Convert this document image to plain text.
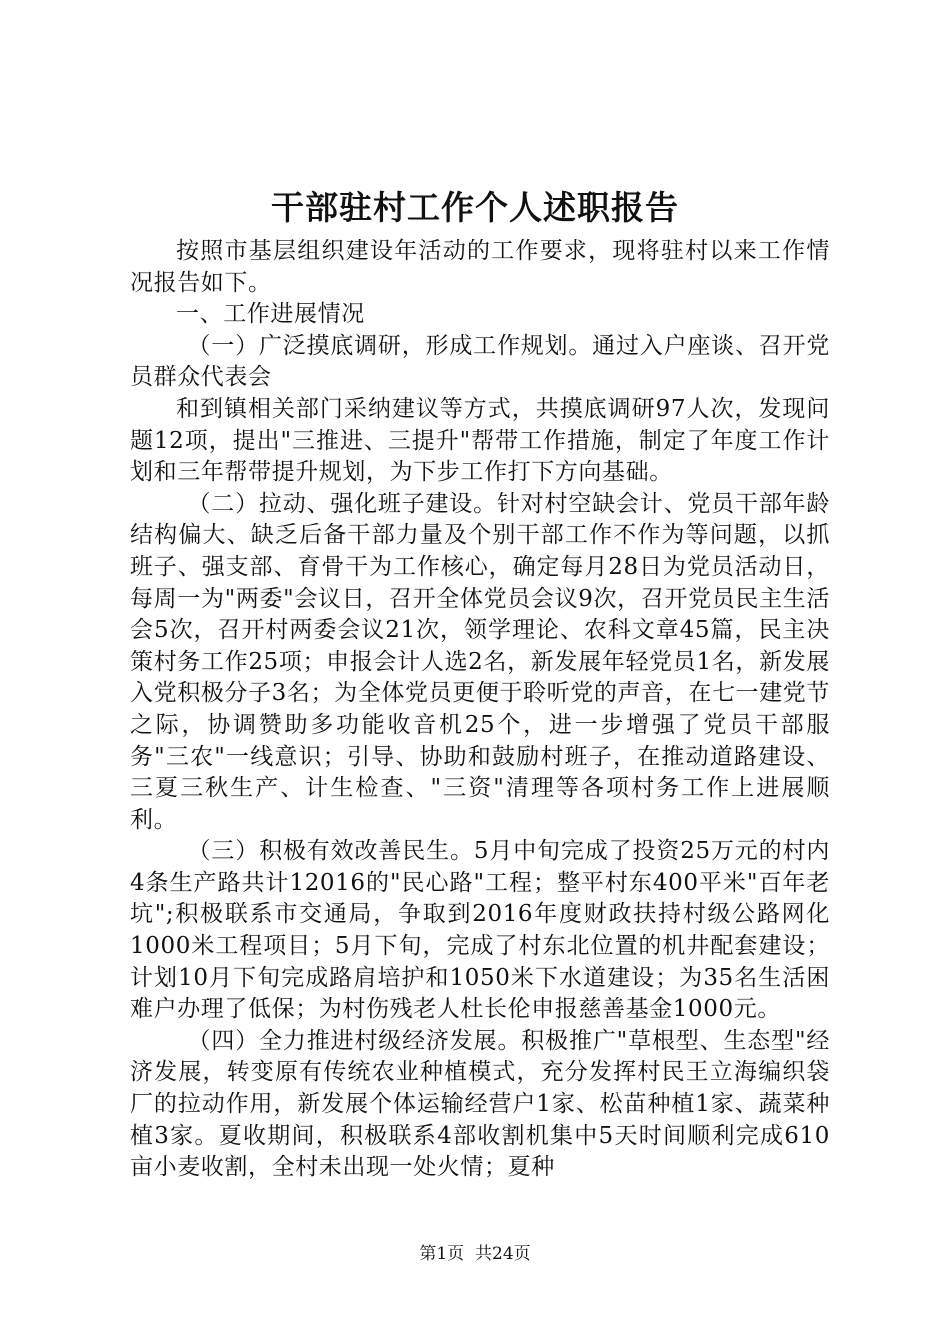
干部驻村工作个人述职报告

按照市基层组织建设年活动的工作要求，现将驻村以来工作情况报告如下。

一、工作进展情况

（一）广泛摸底调研，形成工作规划。通过入户座谈、召开党员群众代表会

和到镇相关部门采纳建议等方式，共摸底调研97人次，发现问题12项，提出"三推进、三提升"帮带工作措施，制定了年度工作计划和三年帮带提升规划，为下步工作打下方向基础。

（二）拉动、强化班子建设。针对村空缺会计、党员干部年龄结构偏大、缺乏后备干部力量及个别干部工作不作为等问题，以抓班子、强支部、育骨干为工作核心，确定每月28日为党员活动日，每周一为"两委"会议日，召开全体党员会议9次，召开党员民主生活会5次，召开村两委会议21次，领学理论、农科文章45篇，民主决策村务工作25项；申报会计人选2名，新发展年轻党员1名，新发展入党积极分子3名；为全体党员更便于聆听党的声音，在七一建党节之际，协调赞助多功能收音机25个，进一步增强了党员干部服务"三农"一线意识；引导、协助和鼓励村班子，在推动道路建设、三夏三秋生产、计生检查、"三资"清理等各项村务工作上进展顺利。

（三）积极有效改善民生。5月中旬完成了投资25万元的村内4条生产路共计12016的"民心路"工程；整平村东400平米"百年老坑";积极联系市交通局，争取到2016年度财政扶持村级公路网化1000米工程项目；5月下旬，完成了村东北位置的机井配套建设；计划10月下旬完成路肩培护和1050米下水道建设；为35名生活困难户办理了低保；为村伤残老人杜长伦申报慈善基金1000元。

（四）全力推进村级经济发展。积极推广"草根型、生态型"经济发展，转变原有传统农业种植模式，充分发挥村民王立海编织袋厂的拉动作用，新发展个体运输经营户1家、松苗种植1家、蔬菜种植3家。夏收期间，积极联系4部收割机集中5天时间顺利完成610亩小麦收割，全村未出现一处火情；夏种

第1页 共24页
